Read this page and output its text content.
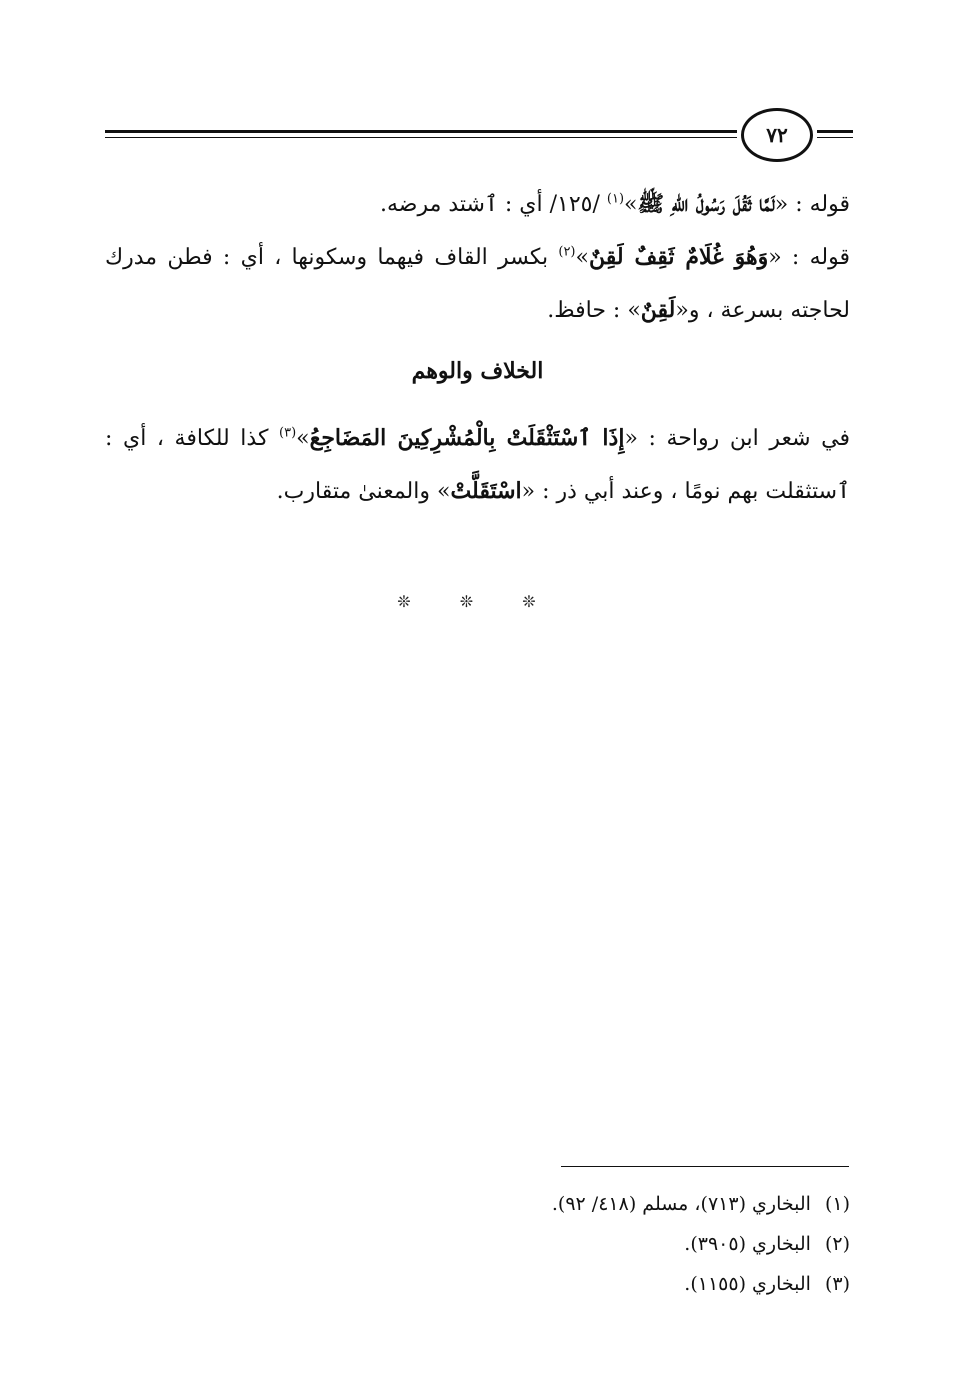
٧٢

قوله : «لَمَّا ثَقُلَ رَسُولُ اللهِ ﷺ»$^{(١)}$ /١٢٥/ أي : ٱشتد مرضه.

قوله : «وَهُوَ غُلَامٌ ثَقِفٌ لَقِنٌ»$^{(٢)}$ بكسر القاف فيهما وسكونها ، أي : فطن مدرك لحاجته بسرعة ، و«لَقِنٌ» : حافظ.

الخلاف والوهم

في شعر ابن رواحة : «إِذَا ٱسْتَثْقَلَتْ بِالْمُشْرِكِينَ المَضَاجِعُ»$^{(٣)}$ كذا للكافة ، أي : ٱستثقلت بهم نومًا ، وعند أبي ذر : «اسْتَقَلَّتْ» والمعنىٰ متقارب.

❊ ❊ ❊
(١)البخاري (٧١٣)، مسلم (٤١٨/ ٩٢).
(٢)البخاري (٣٩٠٥).
(٣)البخاري (١١٥٥).
